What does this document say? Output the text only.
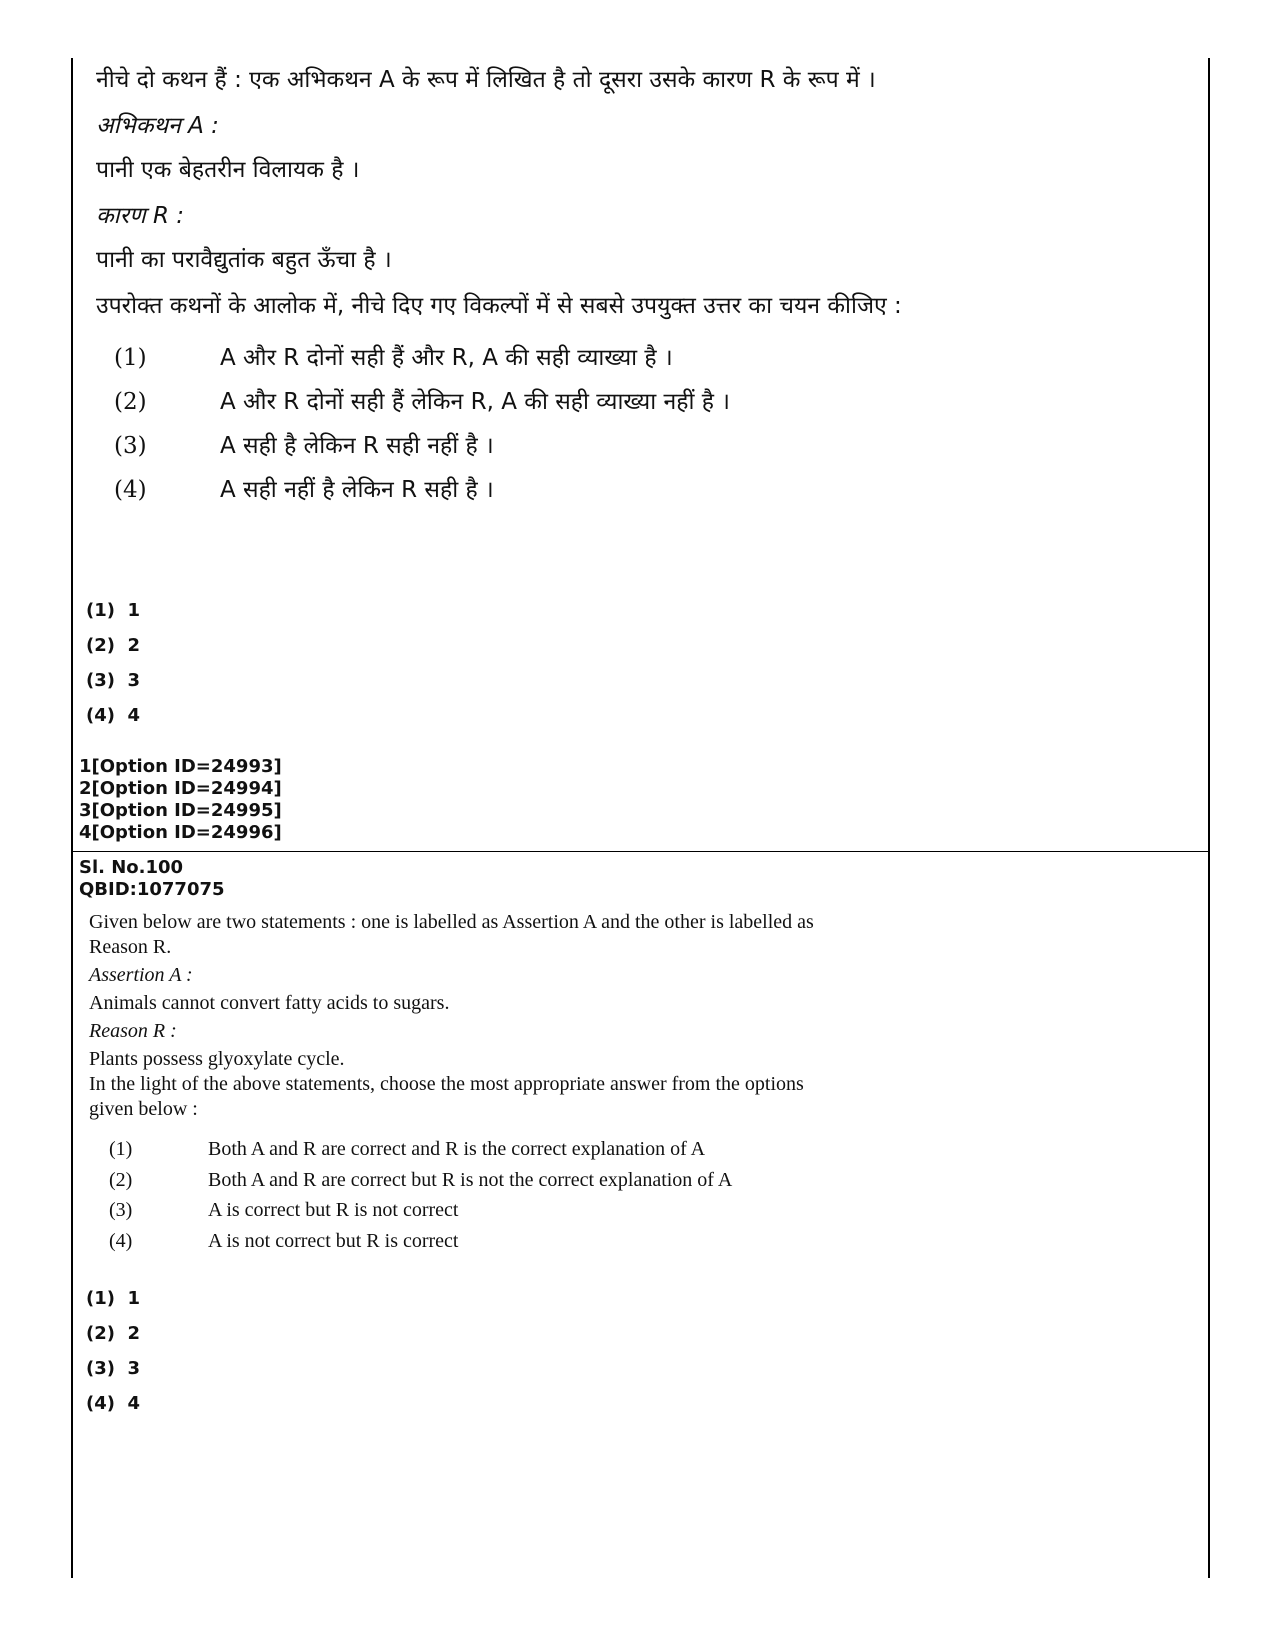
नीचे दो कथन हैं : एक अभिकथन A के रूप में लिखित है तो दूसरा उसके कारण R के रूप में ।

अभिकथन A :

पानी एक बेहतरीन विलायक है ।

कारण R :

पानी का परावैद्युतांक बहुत ऊँचा है ।

उपरोक्त कथनों के आलोक में, नीचे दिए गए विकल्पों में से सबसे उपयुक्त उत्तर का चयन कीजिए :

(1)	A और R दोनों सही हैं और R, A की सही व्याख्या है ।
(2)	A और R दोनों सही हैं लेकिन R, A की सही व्याख्या नहीं है ।
(3)	A सही है लेकिन R सही नहीं है ।
(4)	A सही नहीं है लेकिन R सही है ।
(1)  1
(2)  2
(3)  3
(4)  4
1[Option ID=24993]
2[Option ID=24994]
3[Option ID=24995]
4[Option ID=24996]
Sl. No.100
QBID:1077075

Given below are two statements : one is labelled as Assertion A and the other is labelled as Reason R.

Assertion A :

Animals cannot convert fatty acids to sugars.

Reason R :

Plants possess glyoxylate cycle.

In the light of the above statements, choose the most appropriate answer from the options given below :

(1)	Both A and R are correct and R is the correct explanation of A
(2)	Both A and R are correct but R is not the correct explanation of A
(3)	A is correct but R is not correct
(4)	A is not correct but R is correct
(1)  1
(2)  2
(3)  3
(4)  4
